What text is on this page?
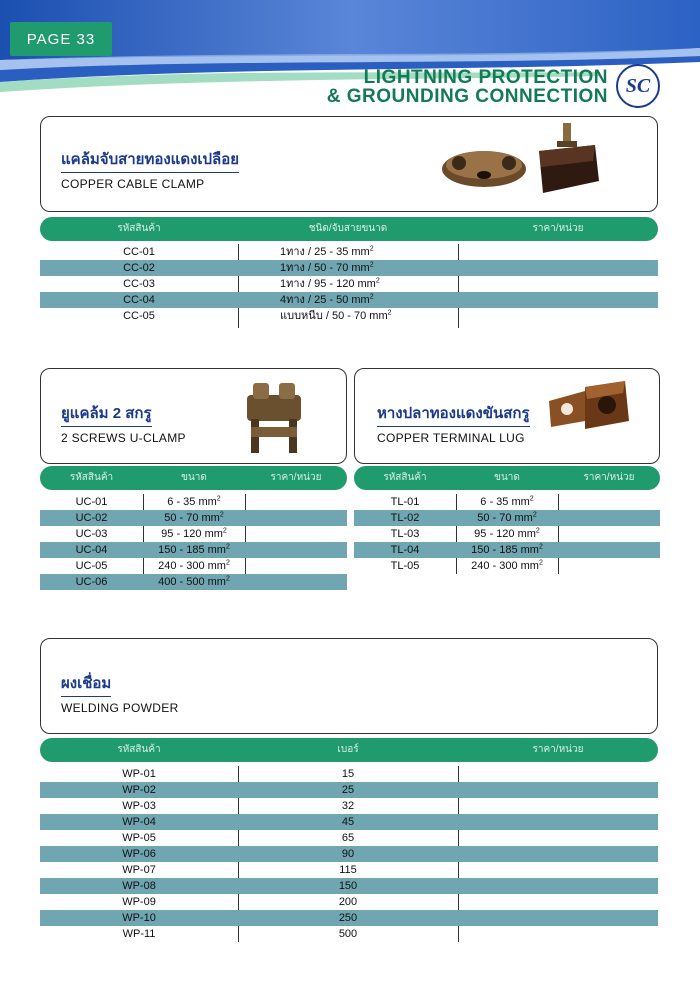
PAGE 33
LIGHTNING PROTECTION
& GROUNDING CONNECTION SC
แคล้มจับสายทองแดงเปลือย
COPPER CABLE CLAMP
รหัสสินค้า	ชนิด/จับสายขนาด	ราคา/หน่วย
CC-01	1ทาง / 25 - 35 $mm^2$
CC-02	1ทาง / 50 - 70 $mm^2$
CC-03	1ทาง / 95 - 120 $mm^2$
CC-04	4ทาง / 25 - 50 $mm^2$
CC-05	แบบหนีบ / 50 - 70 $mm^2$
ยูแคล้ม 2 สกรู
2 SCREWS U-CLAMP
รหัสสินค้า	ขนาด	ราคา/หน่วย
UC-01	6 - 35 $mm^2$
UC-02	50 - 70 $mm^2$
UC-03	95 - 120 $mm^2$
UC-04	150 - 185 $mm^2$
UC-05	240 - 300 $mm^2$
UC-06	400 - 500 $mm^2$
หางปลาทองแดงขันสกรู
COPPER TERMINAL LUG
รหัสสินค้า	ขนาด	ราคา/หน่วย
TL-01	6 - 35 $mm^2$
TL-02	50 - 70 $mm^2$
TL-03	95 - 120 $mm^2$
TL-04	150 - 185 $mm^2$
TL-05	240 - 300 $mm^2$
ผงเชื่อม
WELDING POWDER
รหัสสินค้า	เบอร์	ราคา/หน่วย
WP-01	15
WP-02	25
WP-03	32
WP-04	45
WP-05	65
WP-06	90
WP-07	115
WP-08	150
WP-09	200
WP-10	250
WP-11	500
